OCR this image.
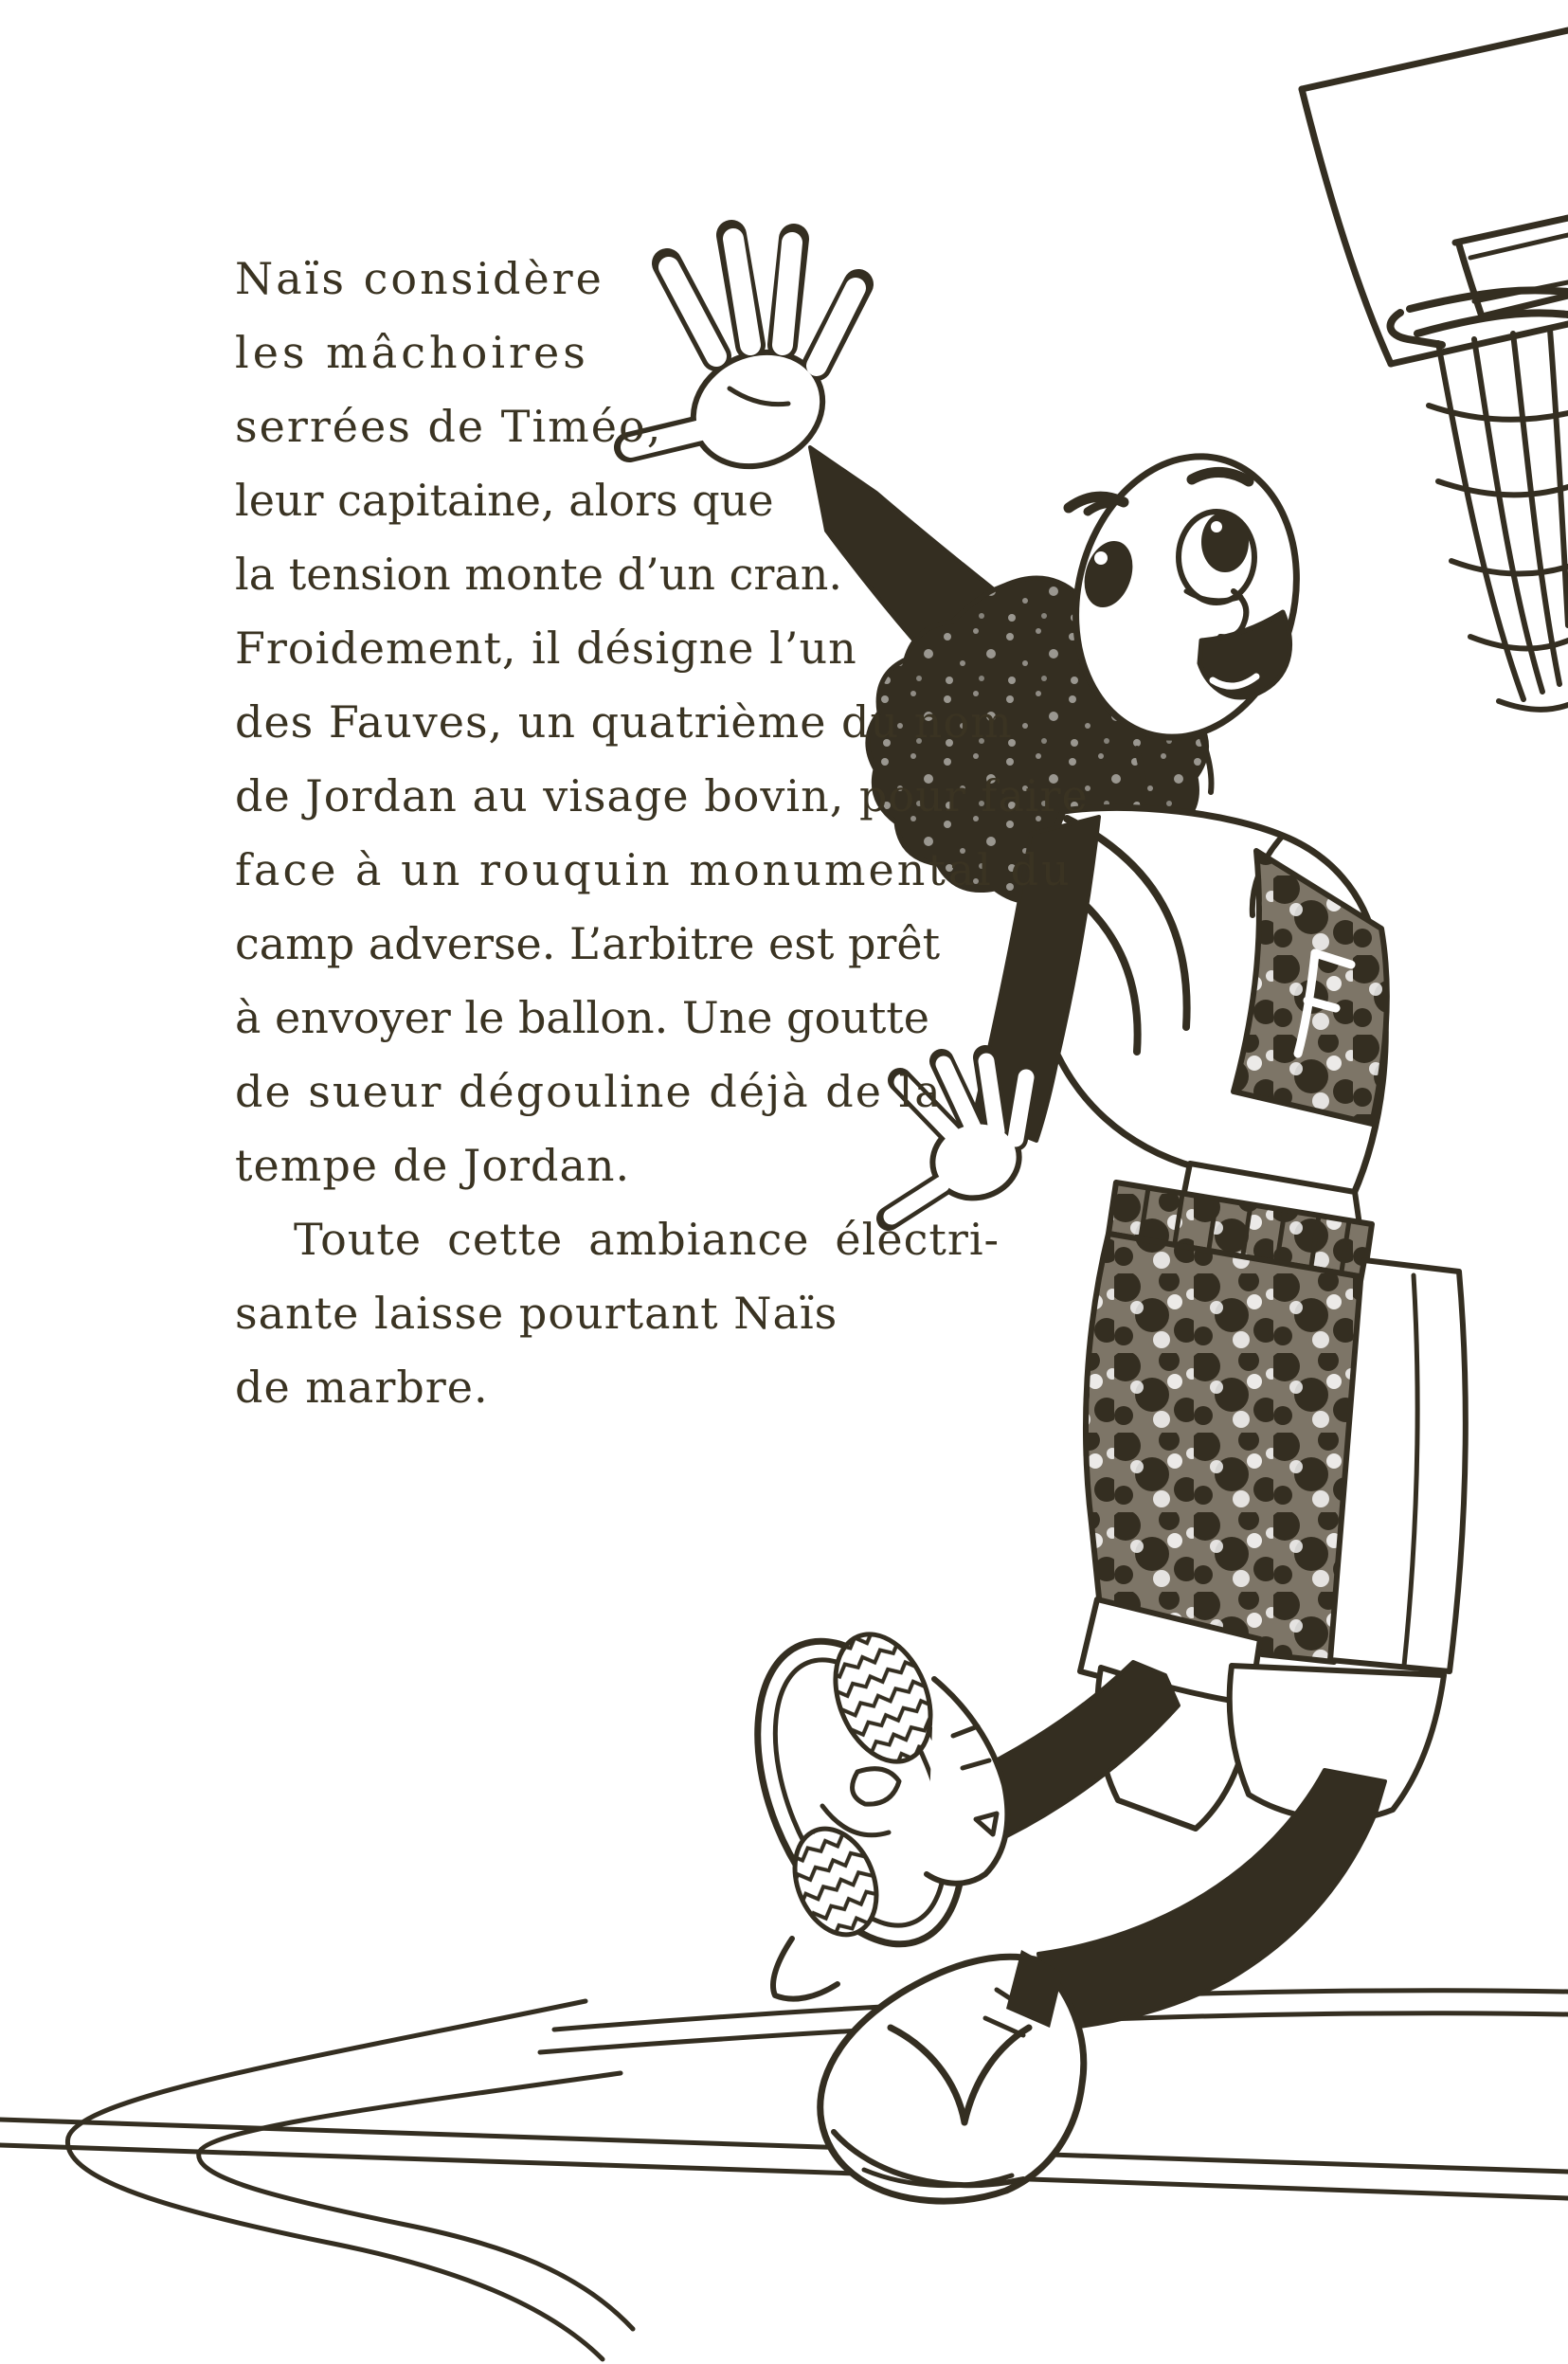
Naïs considère
les mâchoires
serrées de Timéo,
leur capitaine, alors que
la tension monte d’un cran.
Froidement, il désigne l’un
des Fauves, un quatrième du nom
de Jordan au visage bovin, pour faire
face à un rouquin monumental du
camp adverse. L’arbitre est prêt
à envoyer le ballon. Une goutte
de sueur dégouline déjà de la
tempe de Jordan.
Toute cette ambiance électri-
sante laisse pourtant Naïs
de marbre.
